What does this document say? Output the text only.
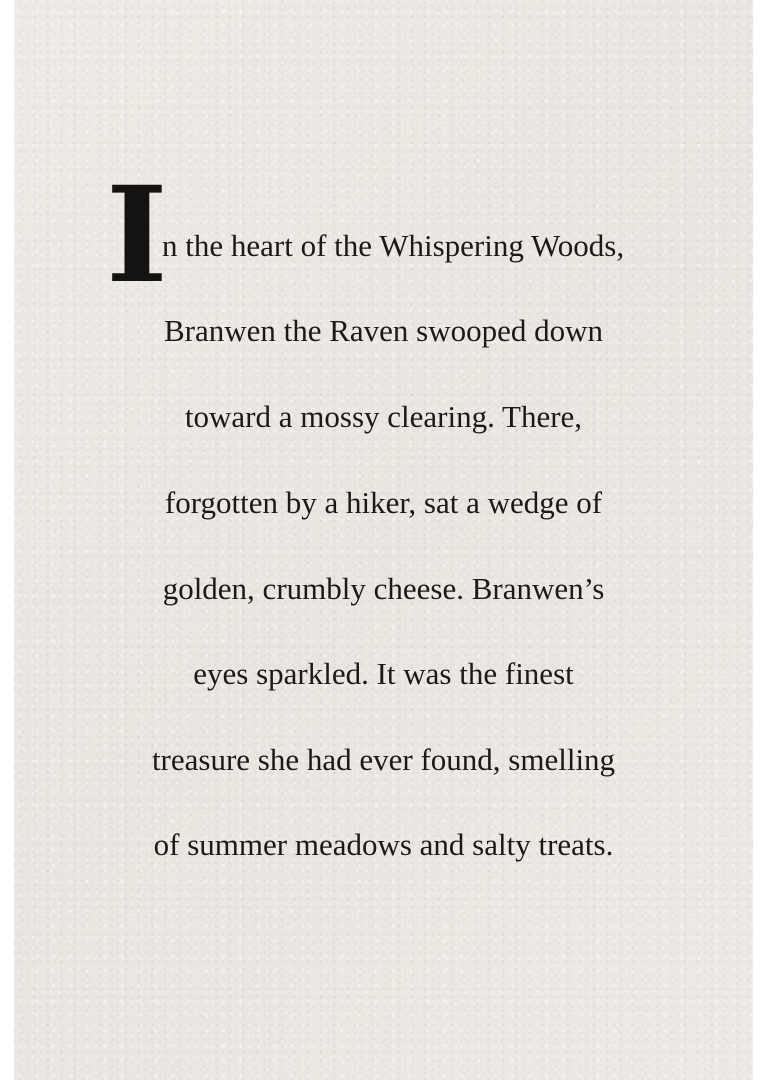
I
n the heart of the Whispering Woods,
Branwen the Raven swooped down
toward a mossy clearing. There,
forgotten by a hiker, sat a wedge of
golden, crumbly cheese. Branwen’s
eyes sparkled. It was the finest
treasure she had ever found, smelling
of summer meadows and salty treats.
